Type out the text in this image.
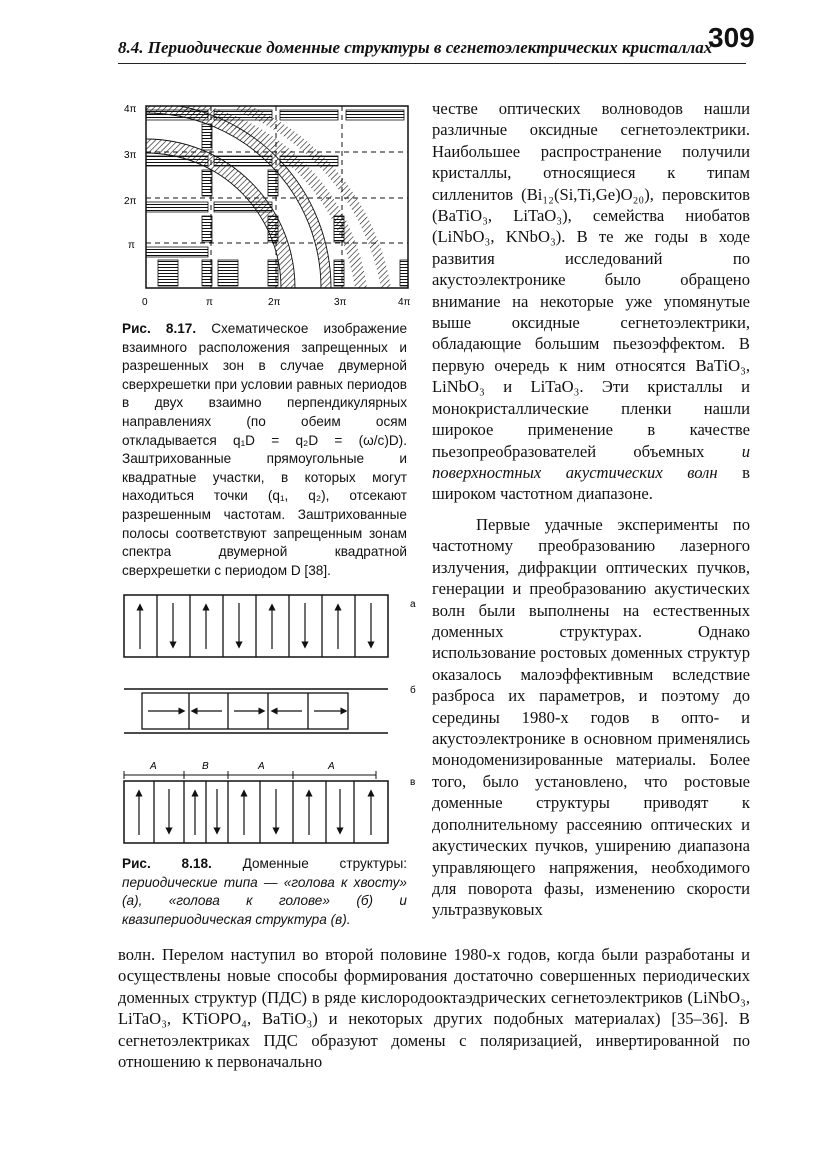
8.4. Периодические доменные структуры в сегнетоэлектрических кристаллах
309
4π
3π
2π
π
0	π	2π	3π	4π
Рис. 8.17. Схематическое изображение взаимного расположения запрещенных и разрешенных зон в случае двумерной сверхрешетки при условии равных периодов в двух взаимно перпендикулярных направлениях (по обеим осям откладывается q₁D = q₂D = (ω/c)D). Заштрихованные прямоугольные и квадратные участки, в которых могут находиться точки (q₁, q₂), отсекают разрешенным частотам. Заштрихованные полосы соответствуют запрещенным зонам спектра двумерной квадратной сверхрешетки с периодом D [38].
а
б
А	В	А	А
в
Рис. 8.18. Доменные структуры: периодические типа — «голова к хвосту» (а), «голова к голове» (б) и квазипериодическая структура (в).

честве оптических волноводов нашли различные оксидные сегнетоэлектрики. Наибольшее распространение получили кристаллы, относящиеся к типам силленитов (Bi₁₂(Si,Ti,Ge)O₂₀), перовскитов (BaTiO₃, LiTaO₃), семейства ниобатов (LiNbO₃, KNbO₃). В те же годы в ходе развития исследований по акустоэлектронике было обращено внимание на некоторые уже упомянутые выше оксидные сегнетоэлектрики, обладающие большим пьезоэффектом. В первую очередь к ним относятся BaTiO₃, LiNbO₃ и LiTaO₃. Эти кристаллы и монокристаллические пленки нашли широкое применение в качестве пьезопреобразователей объемных и поверхностных акустических волн в широком частотном диапазоне.

Первые удачные эксперименты по частотному преобразованию лазерного излучения, дифракции оптических пучков, генерации и преобразованию акустических волн были выполнены на естественных доменных структурах. Однако использование ростовых доменных структур оказалось малоэффективным вследствие разброса их параметров, и поэтому до середины 1980-х годов в опто- и акустоэлектронике в основном применялись монодоменизированные материалы. Более того, было установлено, что ростовые доменные структуры приводят к дополнительному рассеянию оптических и акустических пучков, уширению диапазона управляющего напряжения, необходимого для поворота фазы, изменению скорости ультразвуковых

волн. Перелом наступил во второй половине 1980-х годов, когда были разработаны и осуществлены новые способы формирования достаточно совершенных периодических доменных структур (ПДС) в ряде кислородооктаэдрических сегнетоэлектриков (LiNbO₃, LiTaO₃, KTiOPO₄, BaTiO₃) и некоторых других подобных материалах) [35–36]. В сегнетоэлектриках ПДС образуют домены с поляризацией, инвертированной по отношению к первоначально
